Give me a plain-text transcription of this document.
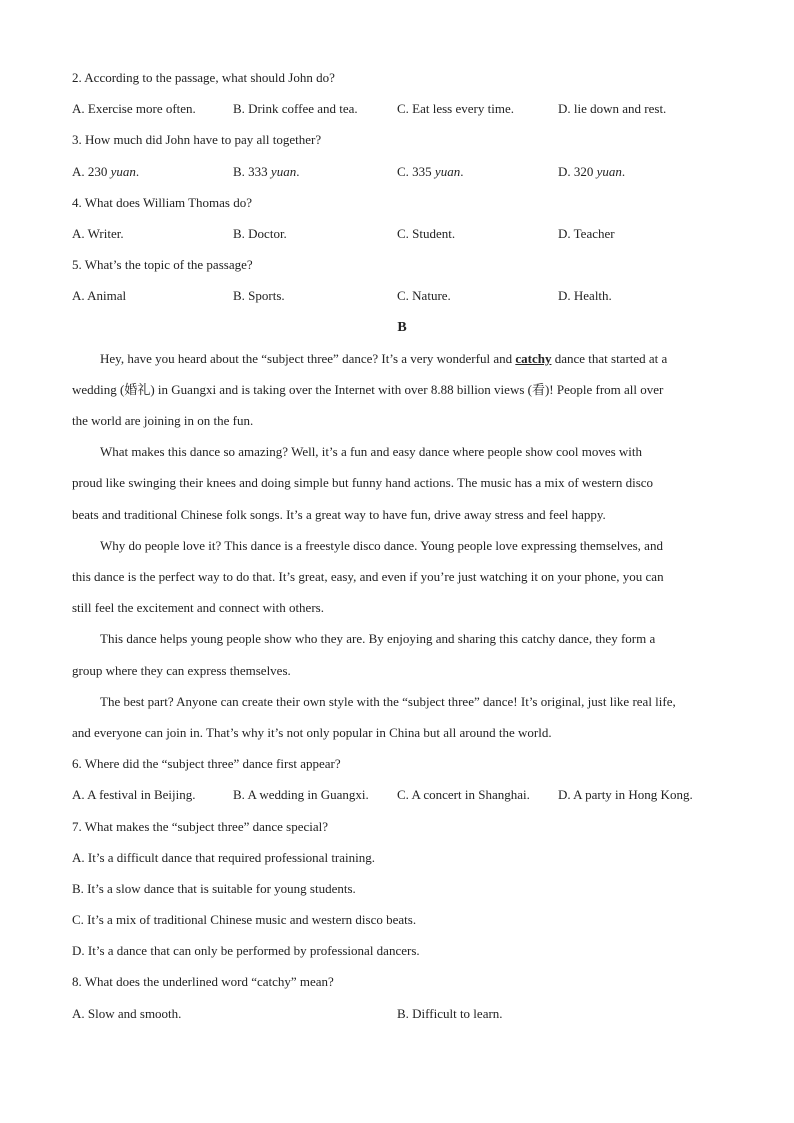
2. According to the passage, what should John do?
A. Exercise more often.	B. Drink coffee and tea.	C. Eat less every time.	D. lie down and rest.
3. How much did John have to pay all together?
A. 230 yuan.	B. 333 yuan.	C. 335 yuan.	D. 320 yuan.
4. What does William Thomas do?
A. Writer.	B. Doctor.	C. Student.	D. Teacher
5. What’s the topic of the passage?
A. Animal	B. Sports.	C. Nature.	D. Health.
B
Hey, have you heard about the “subject three” dance? It’s a very wonderful and catchy dance that started at a
wedding (婚礼) in Guangxi and is taking over the Internet with over 8.88 billion views (看)! People from all over
the world are joining in on the fun.
What makes this dance so amazing? Well, it’s a fun and easy dance where people show cool moves with
proud like swinging their knees and doing simple but funny hand actions. The music has a mix of western disco
beats and traditional Chinese folk songs. It’s a great way to have fun, drive away stress and feel happy.
Why do people love it? This dance is a freestyle disco dance. Young people love expressing themselves, and
this dance is the perfect way to do that. It’s great, easy, and even if you’re just watching it on your phone, you can
still feel the excitement and connect with others.
This dance helps young people show who they are. By enjoying and sharing this catchy dance, they form a
group where they can express themselves.
The best part? Anyone can create their own style with the “subject three” dance! It’s original, just like real life,
and everyone can join in. That’s why it’s not only popular in China but all around the world.
6. Where did the “subject three” dance first appear?
A. A festival in Beijing.	B. A wedding in Guangxi.	C. A concert in Shanghai.	D. A party in Hong Kong.
7. What makes the “subject three” dance special?
A. It’s a difficult dance that required professional training.
B. It’s a slow dance that is suitable for young students.
C. It’s a mix of traditional Chinese music and western disco beats.
D. It’s a dance that can only be performed by professional dancers.
8. What does the underlined word “catchy” mean?
A. Slow and smooth.	B. Difficult to learn.
